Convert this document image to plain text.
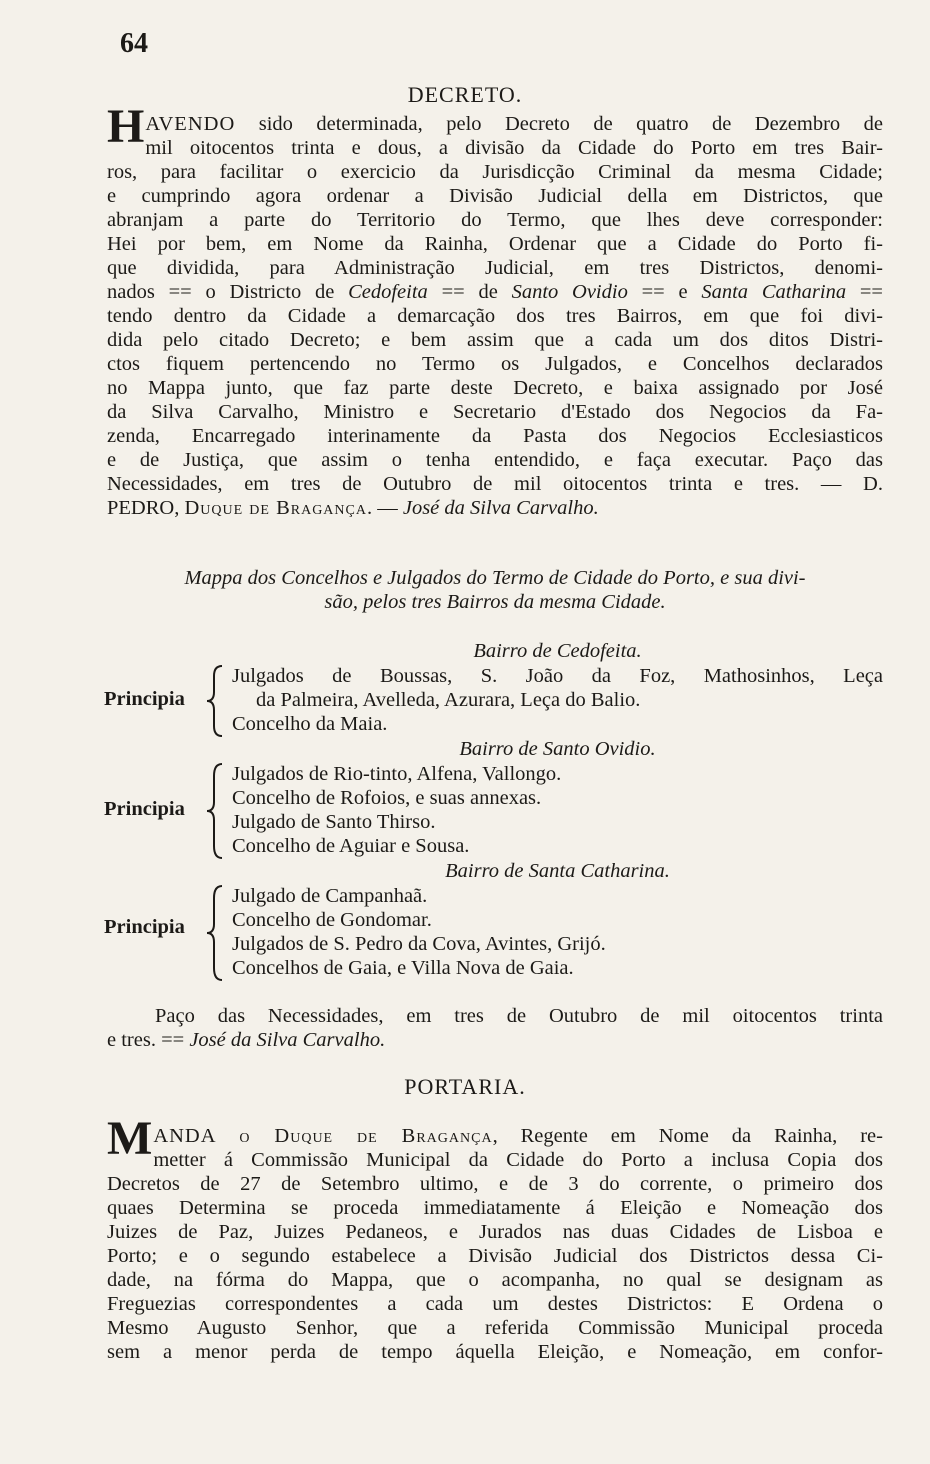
64
DECRETO.

HAVENDO sido determinada, pelo Decreto de quatro de Dezembro de

mil oitocentos trinta e dous, a divisão da Cidade do Porto em tres Bair-

ros, para facilitar o exercicio da Jurisdicção Criminal da mesma Cidade;

e cumprindo agora ordenar a Divisão Judicial della em Districtos, que

abranjam a parte do Territorio do Termo, que lhes deve corresponder:

Hei por bem, em Nome da Rainha, Ordenar que a Cidade do Porto fi-

que dividida, para Administração Judicial, em tres Districtos, denomi-

nados == o Districto de Cedofeita == de Santo Ovidio == e Santa Catharina ==

tendo dentro da Cidade a demarcação dos tres Bairros, em que foi divi-

dida pelo citado Decreto; e bem assim que a cada um dos ditos Distri-

ctos fiquem pertencendo no Termo os Julgados, e Concelhos declarados

no Mappa junto, que faz parte deste Decreto, e baixa assignado por José

da Silva Carvalho, Ministro e Secretario d'Estado dos Negocios da Fa-

zenda, Encarregado interinamente da Pasta dos Negocios Ecclesiasticos

e de Justiça, que assim o tenha entendido, e faça executar. Paço das

Necessidades, em tres de Outubro de mil oitocentos trinta e tres. — D.

PEDRO, Duque de Bragança. — José da Silva Carvalho.

Mappa dos Concelhos e Julgados do Termo de Cidade do Porto, e sua divi-
são, pelos tres Bairros da mesma Cidade.
Bairro de Cedofeita.
Principia
Julgados de Boussas, S. João da Foz, Mathosinhos, Leça
da Palmeira, Avelleda, Azurara, Leça do Balio.
Concelho da Maia.
Bairro de Santo Ovidio.
Principia
Julgados de Rio-tinto, Alfena, Vallongo.
Concelho de Rofoios, e suas annexas.
Julgado de Santo Thirso.
Concelho de Aguiar e Sousa.
Bairro de Santa Catharina.
Principia
Julgado de Campanhaã.
Concelho de Gondomar.
Julgados de S. Pedro da Cova, Avintes, Grijó.
Concelhos de Gaia, e Villa Nova de Gaia.

Paço das Necessidades, em tres de Outubro de mil oitocentos trinta

e tres. == José da Silva Carvalho.

PORTARIA.

MANDA o Duque de Bragança, Regente em Nome da Rainha, re-

metter á Commissão Municipal da Cidade do Porto a inclusa Copia dos

Decretos de 27 de Setembro ultimo, e de 3 do corrente, o primeiro dos

quaes Determina se proceda immediatamente á Eleição e Nomeação dos

Juizes de Paz, Juizes Pedaneos, e Jurados nas duas Cidades de Lisboa e

Porto; e o segundo estabelece a Divisão Judicial dos Districtos dessa Ci-

dade, na fórma do Mappa, que o acompanha, no qual se designam as

Freguezias correspondentes a cada um destes Districtos: E Ordena o

Mesmo Augusto Senhor, que a referida Commissão Municipal proceda

sem a menor perda de tempo áquella Eleição, e Nomeação, em confor-
